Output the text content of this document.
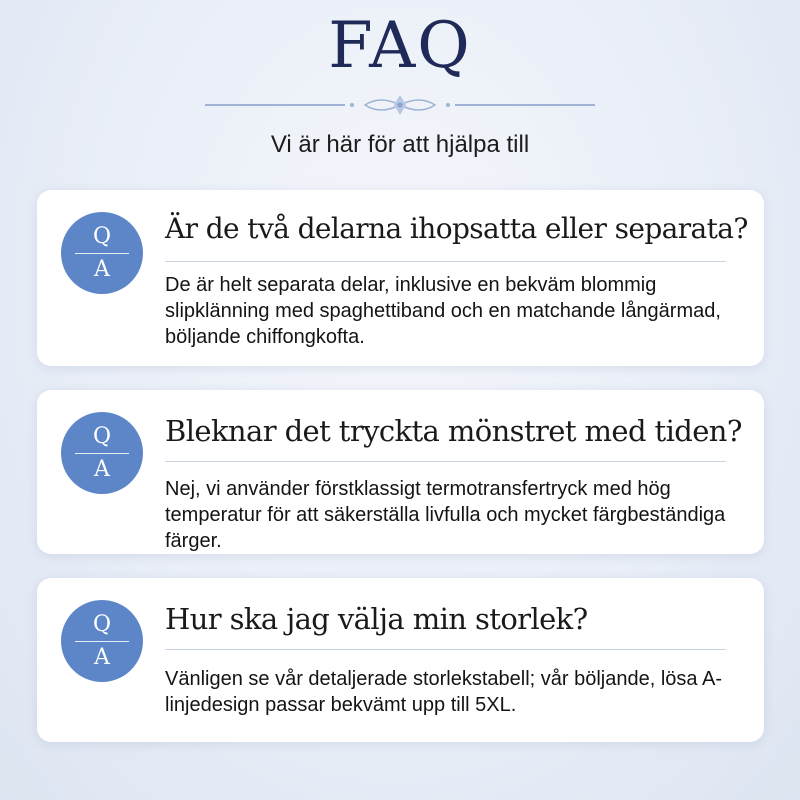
FAQ
Vi är här för att hjälpa till
Q
A
Är de två delarna ihopsatta eller separata?
De är helt separata delar, inklusive en bekväm blommig slipklänning med spaghettiband och en matchande långärmad, böljande chiffongkofta.
Q
A
Bleknar det tryckta mönstret med tiden?
Nej, vi använder förstklassigt termotransfertryck med hög temperatur för att säkerställa livfulla och mycket färgbeständiga färger.
Q
A
Hur ska jag välja min storlek?
Vänligen se vår detaljerade storlekstabell; vår böljande, lösa A-linjedesign passar bekvämt upp till 5XL.
